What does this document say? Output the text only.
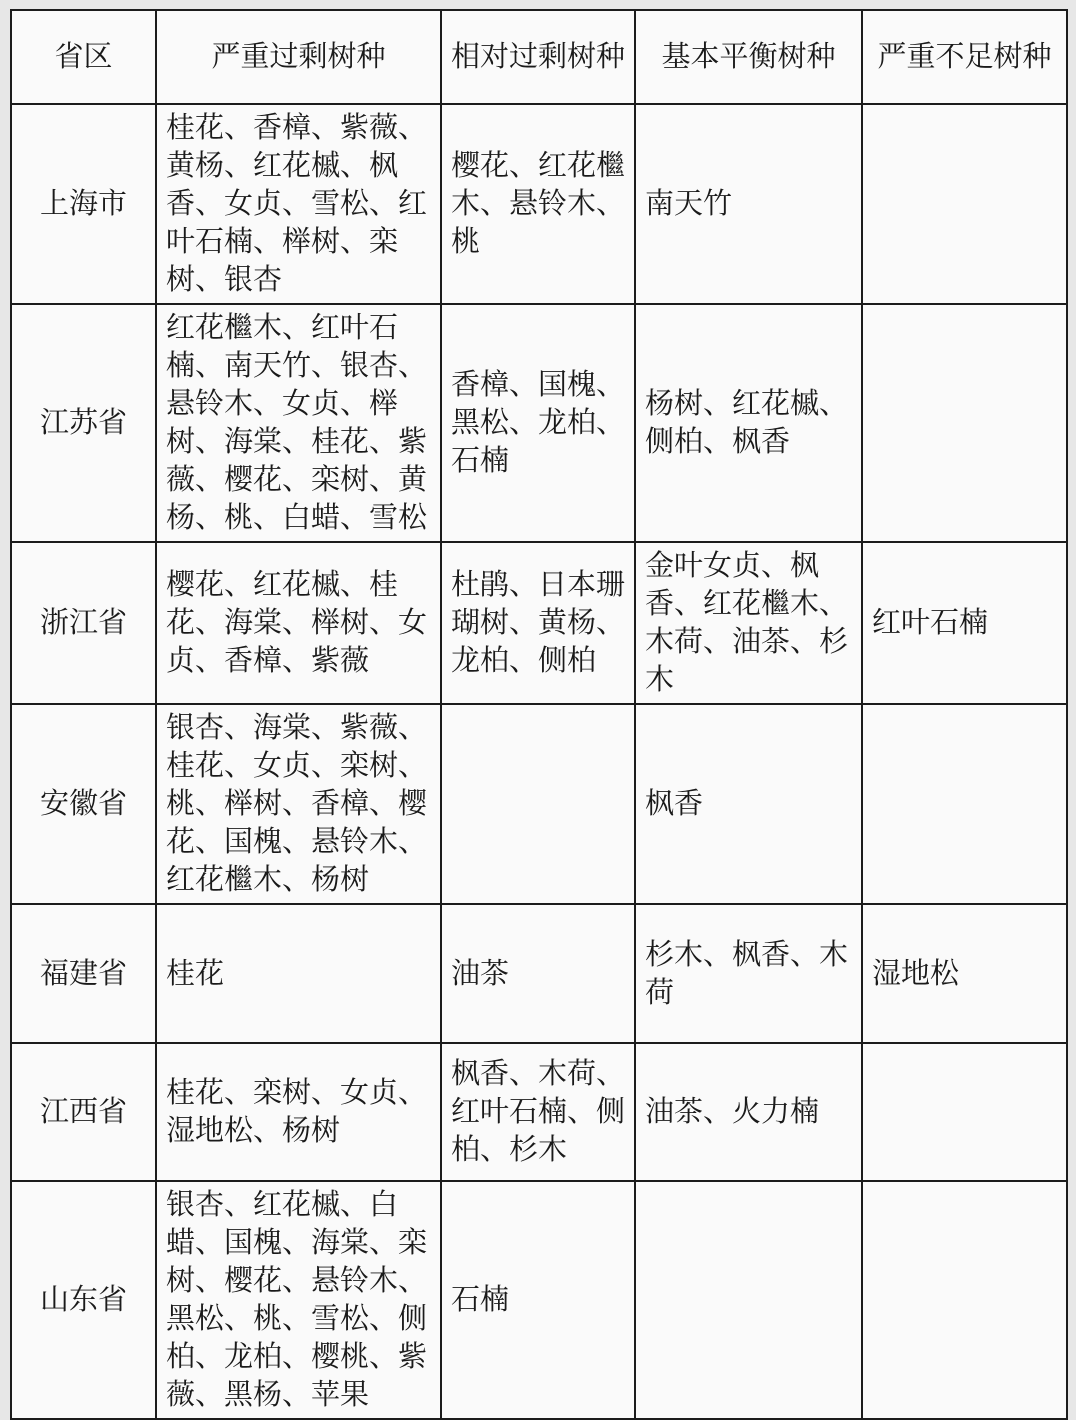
省区	严重过剩树种	相对过剩树种	基本平衡树种	严重不足树种
上海市	桂花、香樟、紫薇、黄杨、红花槭、枫香、女贞、雪松、红叶石楠、榉树、栾树、银杏	樱花、红花檵木、悬铃木、桃	南天竹	
江苏省	红花檵木、红叶石楠、南天竹、银杏、悬铃木、女贞、榉树、海棠、桂花、紫薇、樱花、栾树、黄杨、桃、白蜡、雪松	香樟、国槐、黑松、龙柏、石楠	杨树、红花槭、侧柏、枫香	
浙江省	樱花、红花槭、桂花、海棠、榉树、女贞、香樟、紫薇	杜鹃、日本珊瑚树、黄杨、龙柏、侧柏	金叶女贞、枫香、红花檵木、木荷、油茶、杉木	红叶石楠
安徽省	银杏、海棠、紫薇、桂花、女贞、栾树、桃、榉树、香樟、樱花、国槐、悬铃木、红花檵木、杨树		枫香	
福建省	桂花	油茶	杉木、枫香、木荷	湿地松
江西省	桂花、栾树、女贞、湿地松、杨树	枫香、木荷、红叶石楠、侧柏、杉木	油茶、火力楠	
山东省	银杏、红花槭、白蜡、国槐、海棠、栾树、樱花、悬铃木、黑松、桃、雪松、侧柏、龙柏、樱桃、紫薇、黑杨、苹果	石楠		
